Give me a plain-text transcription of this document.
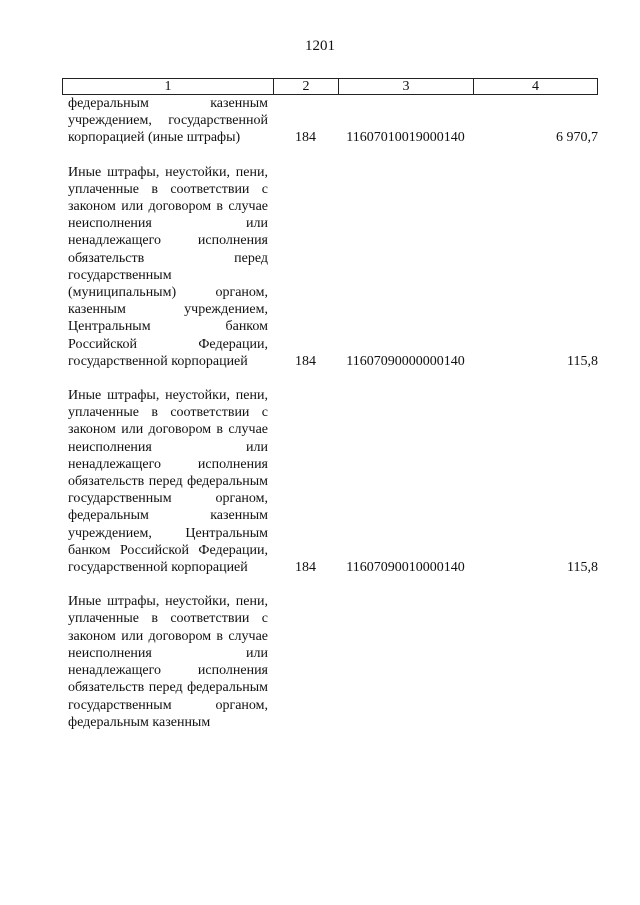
1201
1	2	3	4
федеральным казенным учреждением, государственной корпорацией (иные штрафы)	184	11607010019000140	6 970,7
Иные штрафы, неустойки, пени, уплаченные в соответствии с законом или договором в случае неисполнения или ненадлежащего исполнения обязательств перед государственным (муниципальным) органом, казенным учреждением, Центральным банком Российской Федерации, государственной корпорацией	184	11607090000000140	115,8
Иные штрафы, неустойки, пени, уплаченные в соответствии с законом или договором в случае неисполнения или ненадлежащего исполнения обязательств перед федеральным государственным органом, федеральным казенным учреждением, Центральным банком Российской Федерации, государственной корпорацией	184	11607090010000140	115,8
Иные штрафы, неустойки, пени, уплаченные в соответствии с законом или договором в случае неисполнения или ненадлежащего исполнения обязательств перед федеральным государственным органом, федеральным казенным
